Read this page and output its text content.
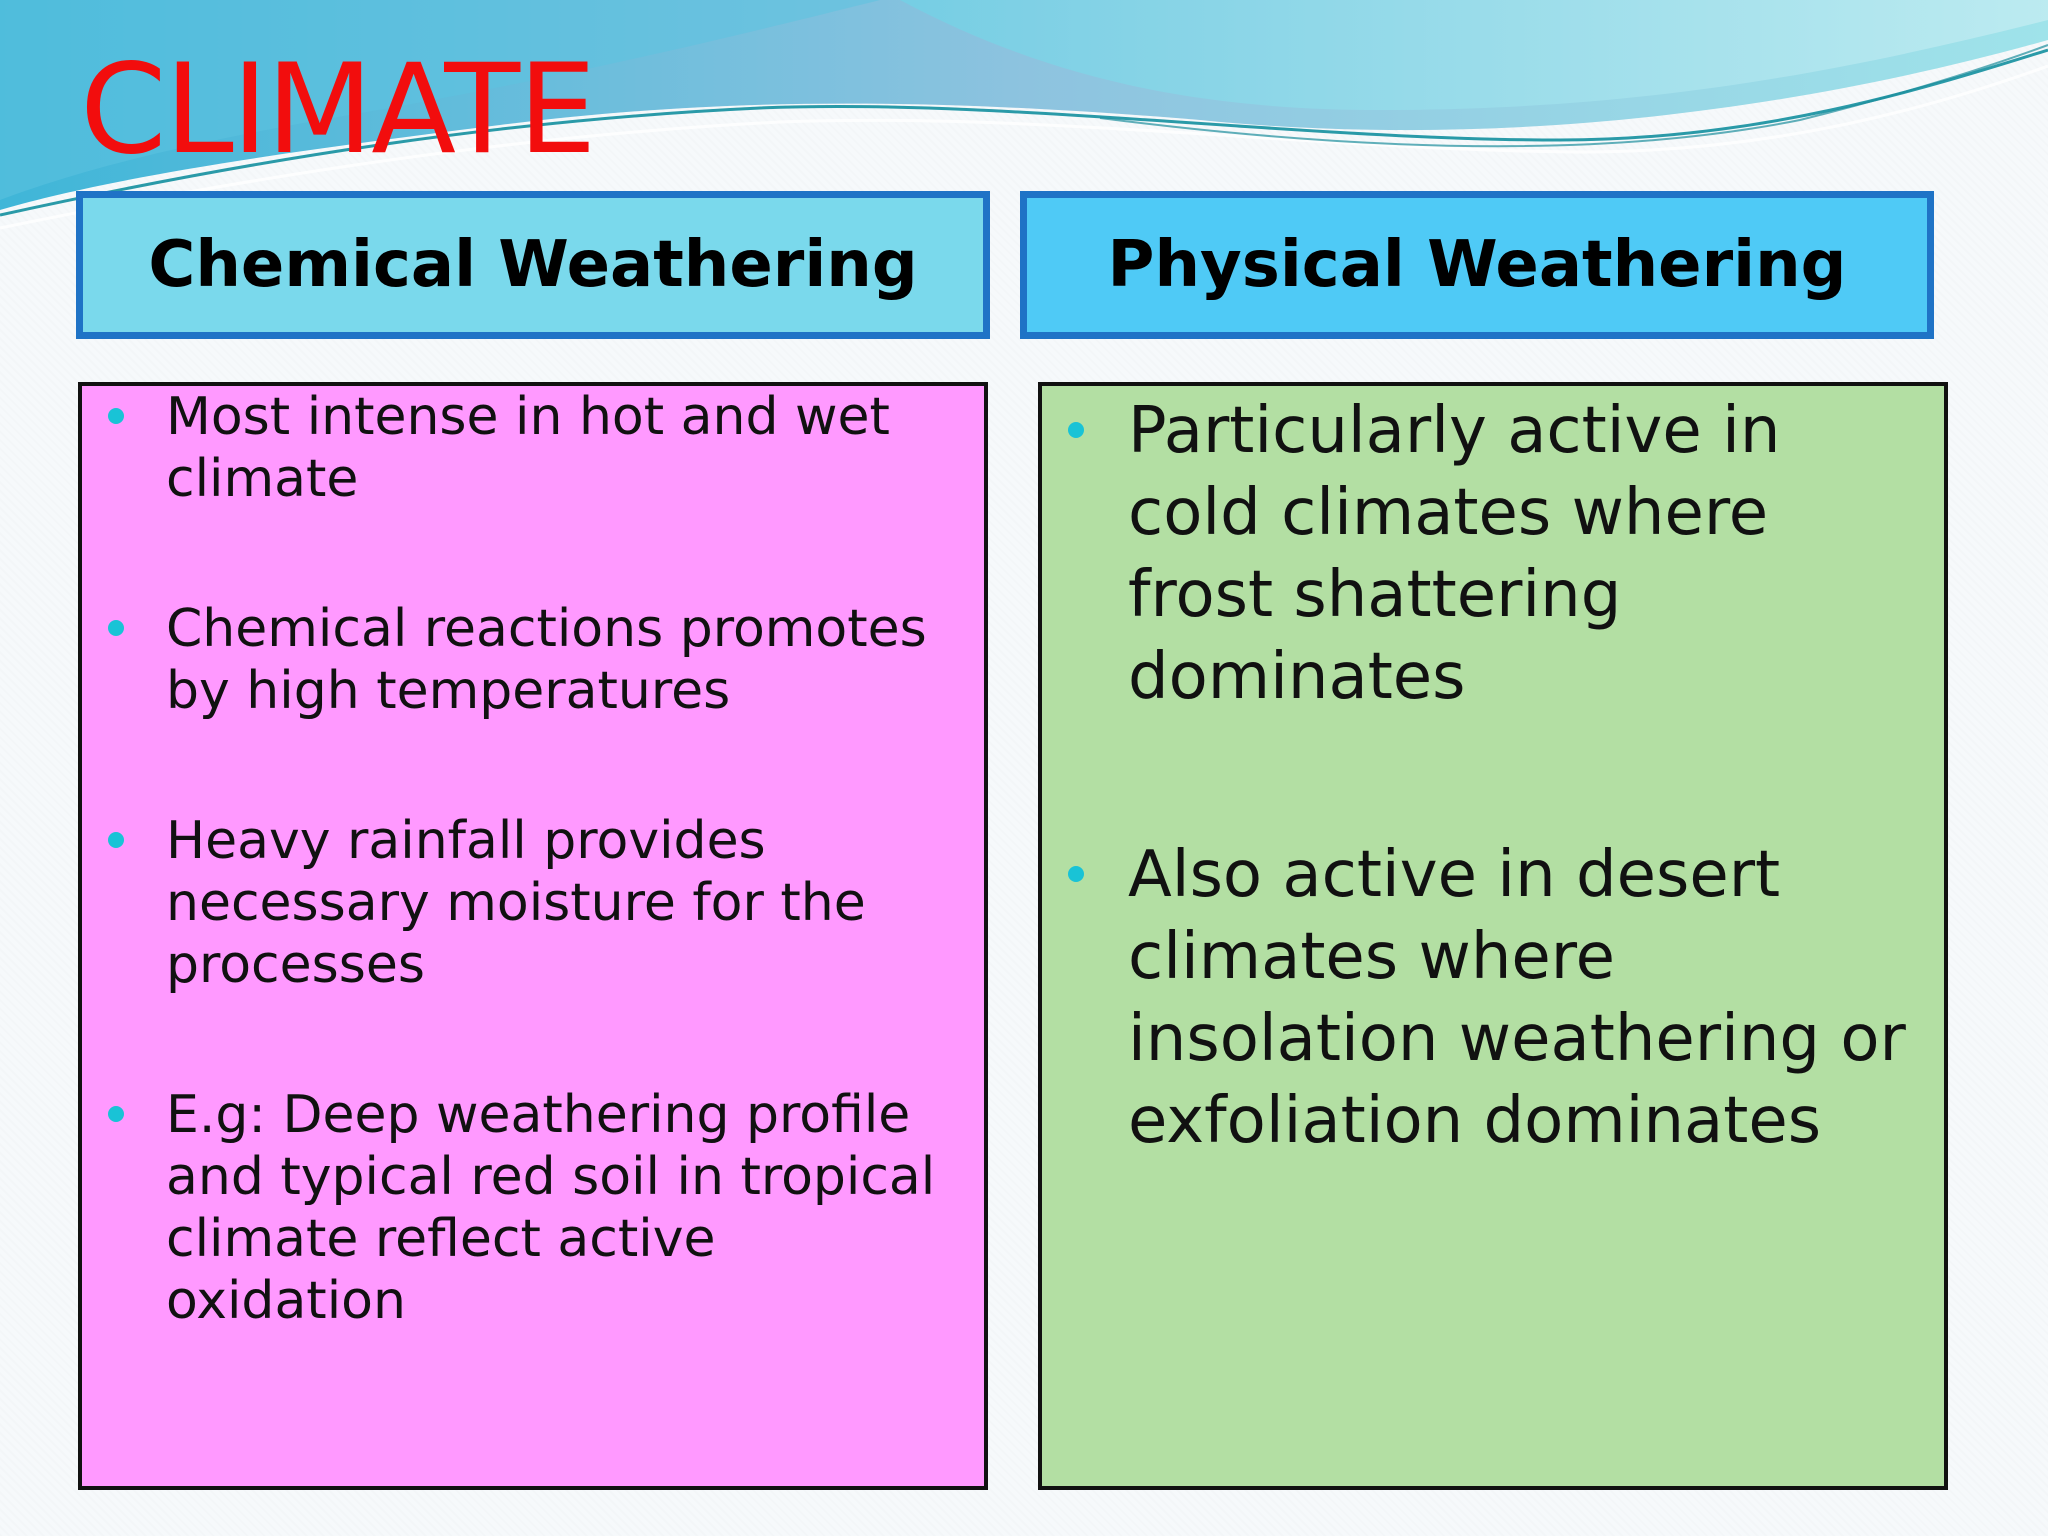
CLIMATE
Chemical Weathering	Physical Weathering
Most intense in hot and wet climate
Chemical reactions promotes by high temperatures
Heavy rainfall provides necessary moisture for the processes
E.g: Deep weathering profile and typical red soil in tropical climate reflect active oxidation
Particularly active in cold climates where frost shattering dominates
Also active in desert climates where insolation weathering or exfoliation dominates
